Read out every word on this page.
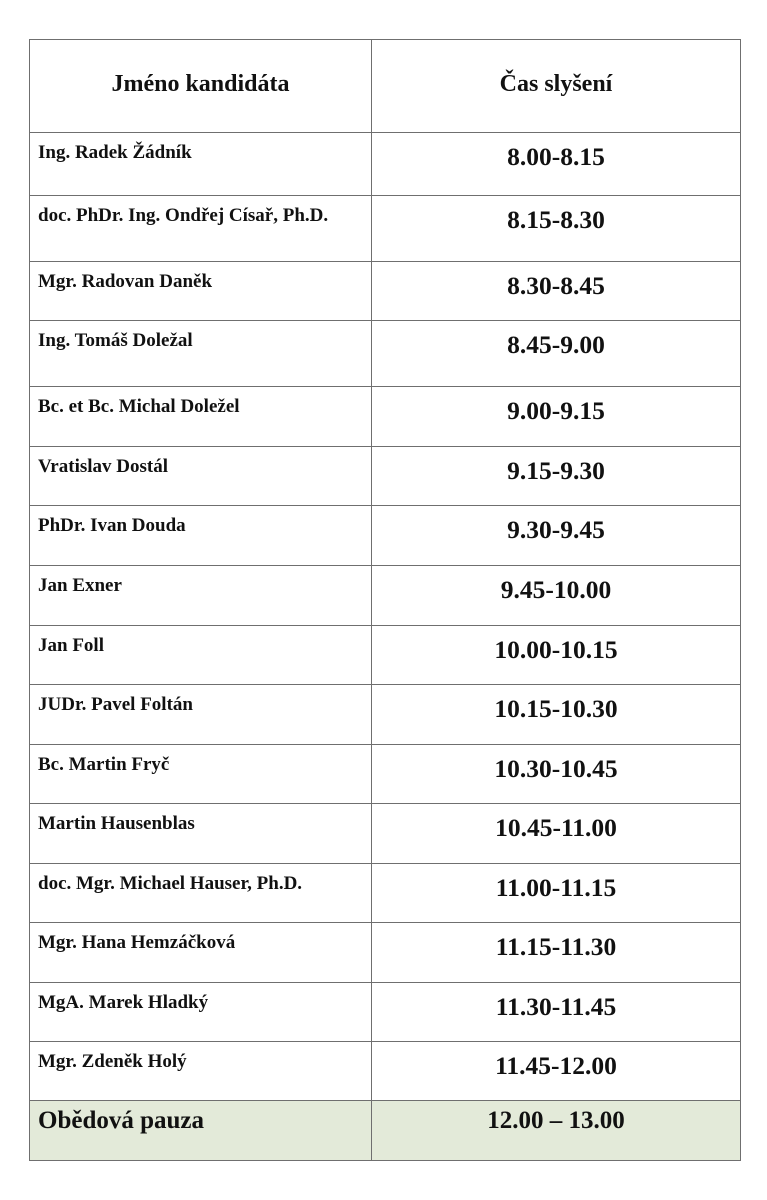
Jméno kandidáta	Čas slyšení
Ing. Radek Žádník	8.00-8.15
doc. PhDr. Ing. Ondřej Císař, Ph.D.	8.15-8.30
Mgr. Radovan Daněk	8.30-8.45
Ing. Tomáš Doležal	8.45-9.00
Bc. et Bc. Michal Doležel	9.00-9.15
Vratislav Dostál	9.15-9.30
PhDr. Ivan Douda	9.30-9.45
Jan Exner	9.45-10.00
Jan Foll	10.00-10.15
JUDr. Pavel Foltán	10.15-10.30
Bc. Martin Fryč	10.30-10.45
Martin Hausenblas	10.45-11.00
doc. Mgr. Michael Hauser, Ph.D.	11.00-11.15
Mgr. Hana Hemzáčková	11.15-11.30
MgA. Marek Hladký	11.30-11.45
Mgr. Zdeněk Holý	11.45-12.00
Obědová pauza	12.00 – 13.00
